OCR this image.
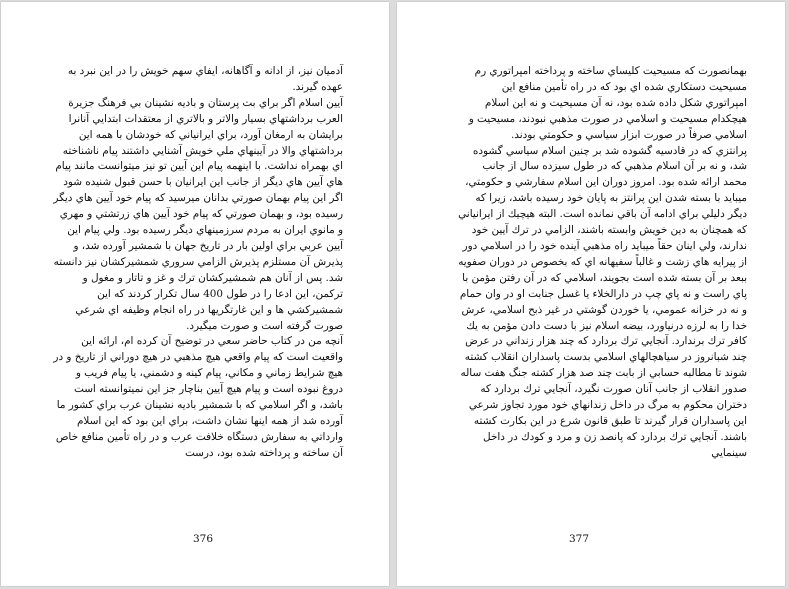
آدميان نيز، از ادانه و آگاهانه، ايفاي سهم خويش را در اين نبرد به عهده گيرند.

آيين اسلام اگر براي بت پرستان و باديه نشينان بي فرهنگ جزيرة العرب برداشتهاي بسيار والاتر و بالاتري از معتقدات ابتدايي آنانرا برايشان به ارمغان آورد، براي ايرانياني كه خودشان با همه اين برداشتهاي والا در آيينهاي ملي خويش آشنايي داشتند پيام ناشناخته اي بهمراه نداشت. با اينهمه پيام اين آيين تو نيز ميتوانست مانند پيام هاي آيين هاي ديگر از جانب اين ايرانيان با حسن قبول شنيده شود اگر اين پيام بهمان صورتي بدانان ميرسيد كه پيام خود آيين هاي ديگر رسيده بود، و بهمان صورتي كه پيام خود آيين هاي زرتشتي و مهري و مانوي ايران به مردم سرزمينهاي ديگر رسيده بود. ولي پيام اين آيين عربي براي اولين بار در تاريخ جهان با شمشير آورده شد، و پذيرش آن مستلزم پذيرش الزامي سروري شمشيركشان نيز دانسته شد. پس از آنان هم شمشيركشان ترك و غز و تاتار و مغول و تركمن، اين ادعا را در طول 400 سال تكرار كردند كه اين شمشيركشي ها و اين غارتگريها در راه انجام وظيفه اي شرعي صورت گرفته است و صورت ميگيرد.

آنچه من در كتاب حاضر سعي در توضيح آن كرده ام، ارائه اين واقعيت است كه پيام واقعي هيچ مذهبي در هيچ دوراني از تاريخ و در هيچ شرايط زماني و مكاني، پيام كينه و دشمني، يا پيام فريب و دروغ نبوده است و پيام هيچ آيين بناچار جز اين نميتوانسته است باشد، و اگر اسلامي كه با شمشير باديه نشينان عرب براي كشور ما آورده شد از همه اينها نشان داشت، براي اين بود كه اين اسلام وارداتي به سفارش دستگاه خلافت عرب و در راه تأمين منافع خاص آن ساخته و پرداخته شده بود، درست

376

بهمانصورت كه مسيحيت كليساي ساخته و پرداخته امپراتوري رم مسيحيت دستكاري شده اي بود كه در راه تأمين منافع اين امپراتوري شكل داده شده بود، نه آن مسيحيت و نه اين اسلام هيچكدام مسيحيت و اسلامي در صورت مذهبي نبودند، مسيحيت و اسلامي صرفاً در صورت ابزار سياسي و حكومتي بودند.

پرانتزي كه در قادسيه گشوده شد بر چنين اسلام سياسي گشوده شد، و نه بر آن اسلام مذهبي كه در طول سيزده سال از جانب محمد ارائه شده بود. امروز دوران اين اسلام سفارشي و حكومتي، ميبايد با بسته شدن اين پرانتز به پايان خود رسيده باشد، زيرا كه ديگر دليلي براي ادامه آن باقي نمانده است. البته هيچيك از ايرانياني كه همچنان به دين خويش وابسته باشند، الزامي در ترك آيين خود ندارند، ولي اينان حقاً ميبايد راه مذهبي آينده خود را در اسلامي دور از پيرايه هاي زشت و غالباً سفيهانه اي كه بخصوص در دوران صفويه ببعد بر آن بسته شده است بجويند، اسلامي كه در آن رفتن مؤمن با پاي راست و نه پاي چپ در دارالخلاء يا غسل جنابت او در وان حمام و نه در خزانه عمومي، يا خوردن گوشتي در غير ذبح اسلامي، عرش خدا را به لرزه درنياورد، بيضه اسلام نيز با دست دادن مؤمن به يك كافر ترك برندارد. آنجايي ترك بردارد كه چند هزار زنداني در عرض چند شبانروز در سياهچالهاي اسلامي بدست پاسداران انقلاب كشته شوند تا مطالبه حسابي از بابت چند صد هزار كشته جنگ هفت ساله صدور انقلاب از جانب آنان صورت نگيرد، آنجايي ترك بردارد كه دختران محكوم به مرگ در داخل زندانهاي خود مورد تجاوز شرعي اين پاسداران قرار گيرند تا طبق قانون شرع در اين بكارت كشته باشند. آنجايي ترك بردارد كه پانصد زن و مرد و كودك در داخل سينمايي

377
